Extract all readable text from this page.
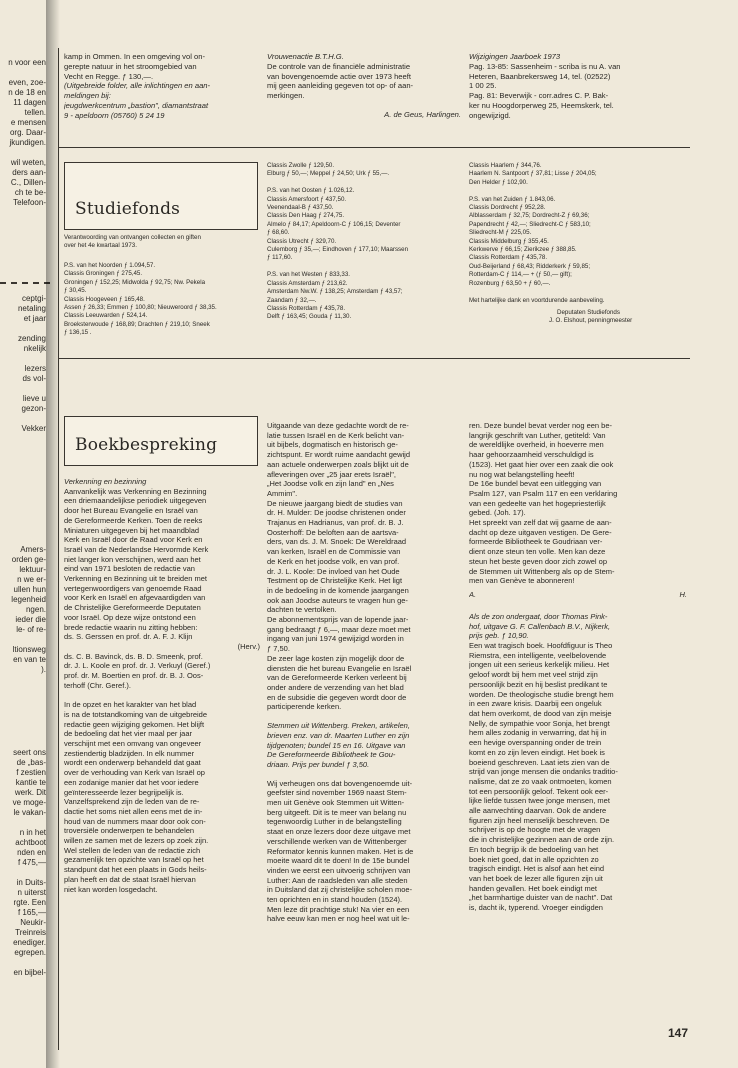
n voor een
even, zoe-
n de 18 en
11 dagen
tellen.
e mensen
org. Daar-
jkundigen.
wil weten,
ders aan-
C., Dillen-
ch te be-
Telefoon-
ceptgi-
netaling
et jaar
zending
nkelijk
lezers
ds vol-
lieve u
gezon-
Vekker
Amers-
orden ge-
lektuur-
n we er-
ullen hun
legenheid
ngen.
ieder die
le- of re-
ltionsweg
en van te
).
seert ons
de „bas-
f zestien
kantie te
werk. Dit
ve moge-
le vakan-
n in het
achtboot
nden en
f 475,—
in Duits-
n uiterst
rgte. Een
f 165,—
Neukir-
Treinreis
enediger.
egrepen.
en bijbel-

kamp in Ommen. In een omgeving vol on-
gerepte natuur in het stroomgebied van
Vecht en Regge. ƒ 130,—.

(Uitgebreide folder, alle inlichtingen en aan-
meldingen bij:
jeugdwerkcentrum „bastion", diamantstraat
9 - apeldoorn (05760) 5 24 19

Vrouwenactie B.T.H.G.

De controle van de financiële administratie
van bovengenoemde actie over 1973 heeft
mij geen aanleiding gegeven tot op- of aan-
merkingen.

A. de Geus, Harlingen.

Wijzigingen Jaarboek 1973

Pag. 13-85: Sassenheim - scriba is nu A. van
Heteren, Baanbrekersweg 14, tel. (02522)
1 00 25.
Pag. 81: Beverwijk - corr.adres C. P. Bak-
ker nu Hoogdorperweg 25, Heemskerk, tel.
ongewijzigd.

Studiefonds

Verantwoording van ontvangen collecten en giften
over het 4e kwartaal 1973.

P.S. van het Noorden ƒ 1.094,57.
Classis Groningen ƒ 275,45.
Groningen ƒ 152,25; Midwolda ƒ 92,75; Nw. Pekela
ƒ 30,45.
Classis Hoogeveen ƒ 165,48.
Assen ƒ 26,33; Emmen ƒ 100,80; Nieuweroord ƒ 38,35.
Classis Leeuwarden ƒ 524,14.
Broeksterwoude ƒ 168,89; Drachten ƒ 219,10; Sneek
ƒ 136,15 .

Classis Zwolle ƒ 129,50.
Elburg ƒ 50,—; Meppel ƒ 24,50; Urk ƒ 55,—.

P.S. van het Oosten ƒ 1.026,12.
Classis Amersfoort ƒ 437,50.
Veenendaal-B ƒ 437,50.
Classis Den Haag ƒ 274,75.
Almelo ƒ 84,17; Apeldoorn-C ƒ 106,15; Deventer
ƒ 68,60.
Classis Utrecht ƒ 329,70.
Culemborg ƒ 35,—; Eindhoven ƒ 177,10; Maarssen
ƒ 117,60.

P.S. van het Westen ƒ 833,33.
Classis Amsterdam ƒ 213,62.
Amsterdam Nw.W. ƒ 138,25; Amsterdam ƒ 43,57;
Zaandam ƒ 32,—.
Classis Rotterdam ƒ 435,78.
Delft ƒ 163,45; Gouda ƒ 11,30.

Classis Haarlem ƒ 344,76.
Haarlem N. Santpoort ƒ 37,81; Lisse ƒ 204,05;
Den Helder ƒ 102,90.

P.S. van het Zuiden ƒ 1.843,06.
Classis Dordrecht ƒ 952,28.
Alblasserdam ƒ 32,75; Dordrecht-Z ƒ 69,36;
Papendrecht ƒ 42,—; Sliedrecht-C ƒ 583,10;
Sliedrecht-M ƒ 225,05.
Classis Middelburg ƒ 355,45.
Kerkwerve ƒ 66,15; Zierikzee ƒ 388,85.
Classis Rotterdam ƒ 435,78.
Oud-Beijerland ƒ 68,43; Ridderkerk ƒ 59,85;
Rotterdam-C ƒ 114,— + (ƒ 50,— gift);
Rozenburg ƒ 63,50 + ƒ 60,—.

Met hartelijke dank en voortdurende aanbeveling.

Deputaten Studiefonds

J. O. Elshout, penningmeester

Boekbespreking

Verkenning en bezinning

Aanvankelijk was Verkenning en Bezinning
een driemaandelijkse periodiek uitgegeven
door het Bureau Evangelie en Israël van
de Gereformeerde Kerken. Toen de reeks
Miniaturen uitgegeven bij het maandblad
Kerk en Israël door de Raad voor Kerk en
Israël van de Nederlandse Hervormde Kerk
niet langer kon verschijnen, werd aan het
eind van 1971 besloten de redactie van
Verkenning en Bezinning uit te breiden met
vertegenwoordigers van genoemde Raad
voor Kerk en Israël en afgevaardigden van
de Christelijke Gereformeerde Deputaten
voor Israël. Op deze wijze ontstond een
brede redactie waarin nu zitting hebben:
ds. S. Gerssen en prof. dr. A. F. J. Klijn

(Herv.)

ds. C. B. Bavinck, ds. B. D. Smeenk, prof.
dr. J. L. Koole en prof. dr. J. Verkuyl (Geref.)
prof. dr. M. Boertien en prof. dr. B. J. Oos-
terhoff (Chr. Geref.).

In de opzet en het karakter van het blad
is na de totstandkoming van de uitgebreide
redactie geen wijziging gekomen. Het blijft
de bedoeling dat het vier maal per jaar
verschijnt met een omvang van ongeveer
zestiendertig bladzijden. In elk nummer
wordt een onderwerp behandeld dat gaat
over de verhouding van Kerk van Israël op
een zodanige manier dat het voor iedere
geïnteresseerde lezer begrijpelijk is.
Vanzelfsprekend zijn de leden van de re-
dactie het soms niet allen eens met de in-
houd van de nummers maar door ook con-
troversiële onderwerpen te behandelen
willen ze samen met de lezers op zoek zijn.
Wel stellen de leden van de redactie zich
gezamenlijk ten opzichte van Israël op het
standpunt dat het een plaats in Gods heils-
plan heeft en dat de staat Israël hiervan
niet kan worden losgedacht.

Uitgaande van deze gedachte wordt de re-
latie tussen Israël en de Kerk belicht van-
uit bijbels, dogmatisch en historisch ge-
zichtspunt. Er wordt ruime aandacht gewijd
aan actuele onderwerpen zoals blijkt uit de
afleveringen over „25 jaar erets Israël",
„Het Joodse volk en zijn land" en „Nes
Ammim".
De nieuwe jaargang biedt de studies van
dr. H. Mulder: De joodse christenen onder
Trajanus en Hadrianus, van prof. dr. B. J.
Oosterhoff: De beloften aan de aartsva-
ders, van ds. J. M. Snoek: De Wereldraad
van kerken, Israël en de Commissie van
de Kerk en het joodse volk, en van prof.
dr. J. L. Koole: De invloed van het Oude
Testment op de Christelijke Kerk. Het ligt
in de bedoeling in de komende jaargangen
ook aan Joodse auteurs te vragen hun ge-
dachten te vertolken.
De abonnementsprijs van de lopende jaar-
gang bedraagt ƒ 6,—, maar deze moet met
ingang van juni 1974 gewijzigd worden in
ƒ 7,50.
De zeer lage kosten zijn mogelijk door de
diensten die het bureau Evangelie en Israël
van de Gereformeerde Kerken verleent bij
onder andere de verzending van het blad
en de subsidie die gegeven wordt door de
participerende kerken.

Stemmen uit Wittenberg. Preken, artikelen,
brieven enz. van dr. Maarten Luther en zijn
tijdgenoten; bundel 15 en 16. Uitgave van
De Gereformeerde Bibliotheek te Gou-
driaan. Prijs per bundel ƒ 3,50.

Wij verheugen ons dat bovengenoemde uit-
geefster sind november 1969 naast Stem-
men uit Genève ook Stemmen uit Witten-
berg uitgeeft. Dit is te meer van belang nu
tegenwoordig Luther in de belangstelling
staat en onze lezers door deze uitgave met
verschillende werken van de Wittenberger
Reformator kennis kunnen maken. Het is de
moeite waard dit te doen! In de 15e bundel
vinden we eerst een uitvoerig schrijven van
Luther: Aan de raadsleden van alle steden
in Duitsland dat zij christelijke scholen moe-
ten oprichten en in stand houden (1524).
Men leze dit prachtige stuk! Na vier en een
halve eeuw kan men er nog heel wat uit le-

ren. Deze bundel bevat verder nog een be-
langrijk geschrift van Luther, getiteld: Van
de wereldlijke overheid, in hoeverre men
haar gehoorzaamheid verschuldigd is
(1523). Het gaat hier over een zaak die ook
nu nog wat belangstelling heeft!
De 16e bundel bevat een uitlegging van
Psalm 127, van Psalm 117 en een verklaring
van een gedeelte van het hogepriesterlijk
gebed. (Joh. 17).
Het spreekt van zelf dat wij gaarne de aan-
dacht op deze uitgaven vestigen. De Gere-
formeerde Bibliotheek te Goudriaan ver-
dient onze steun ten volle. Men kan deze
steun het beste geven door zich zowel op
de Stemmen uit Wittenberg als op de Stem-
men van Genève te abonneren!

A.	H.

Als de zon ondergaat, door Thomas Pink-
hof, uitgave G. F. Callenbach B.V., Nijkerk,
prijs geb. ƒ 10,90.

Een wat tragisch boek. Hoofdfiguur is Theo
Riemstra, een intelligente, veelbelovende
jongen uit een serieus kerkelijk milieu. Het
geloof wordt bij hem met veel strijd zijn
persoonlijk bezit en hij beslist predikant te
worden. De theologische studie brengt hem
in een zware krisis. Daarbij een ongeluk
dat hem overkomt, de dood van zijn meisje
Nelly, de sympathie voor Sonja, het brengt
hem alles zodanig in verwarring, dat hij in
een hevige overspanning onder de trein
komt en zo zijn leven eindigt. Het boek is
boeiend geschreven. Laat iets zien van de
strijd van jonge mensen die ondanks traditio-
nalisme, dat ze zo vaak ontmoeten, komen
tot een persoonlijk geloof. Tekent ook eer-
lijke liefde tussen twee jonge mensen, met
alle aanvechting daarvan. Ook de andere
figuren zijn heel menselijk beschreven. De
schrijver is op de hoogte met de vragen
die in christelijke gezinnen aan de orde zijn.
En toch begrijp ik de bedoeling van het
boek niet goed, dat in alle opzichten zo
tragisch eindigt. Het is alsof aan het eind
van het boek de lezer alle figuren zijn uit
handen gevallen. Het boek eindigt met
„het barmhartige duister van de nacht". Dat
is, dacht ik, typerend. Vroeger eindigden

147
